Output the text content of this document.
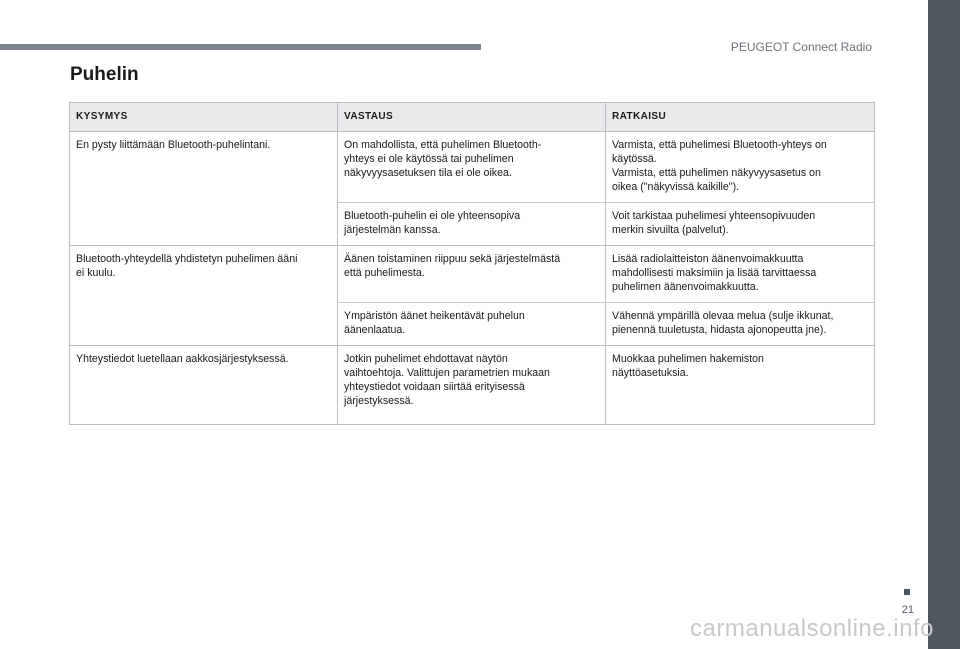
PEUGEOT Connect Radio
Puhelin
KYSYMYS	VASTAUS	RATKAISU

En pysty liittämään Bluetooth-puhelintani.	On mahdollista, että puhelimen Bluetooth-
yhteys ei ole käytössä tai puhelimen
näkyvyysasetuksen tila ei ole oikea.	Varmista, että puhelimesi Bluetooth-yhteys on
käytössä.
Varmista, että puhelimen näkyvyysasetus on
oikea ("näkyvissä kaikille").

	Bluetooth-puhelin ei ole yhteensopiva
järjestelmän kanssa.	Voit tarkistaa puhelimesi yhteensopivuuden
merkin sivuilta (palvelut).

Bluetooth-yhteydellä yhdistetyn puhelimen ääni
ei kuulu.	Äänen toistaminen riippuu sekä järjestelmästä
että puhelimesta.	Lisää radiolaitteiston äänenvoimakkuutta
mahdollisesti maksimiin ja lisää tarvittaessa
puhelimen äänenvoimakkuutta.

	Ympäristön äänet heikentävät puhelun
äänenlaatua.	Vähennä ympärillä olevaa melua (sulje ikkunat,
pienennä tuuletusta, hidasta ajonopeutta jne).

Yhteystiedot luetellaan aakkosjärjestyksessä.	Jotkin puhelimet ehdottavat näytön
vaihtoehtoja. Valittujen parametrien mukaan
yhteystiedot voidaan siirtää erityisessä
järjestyksessä.	Muokkaa puhelimen hakemiston
näyttöasetuksia.
21
carmanualsonline.info
